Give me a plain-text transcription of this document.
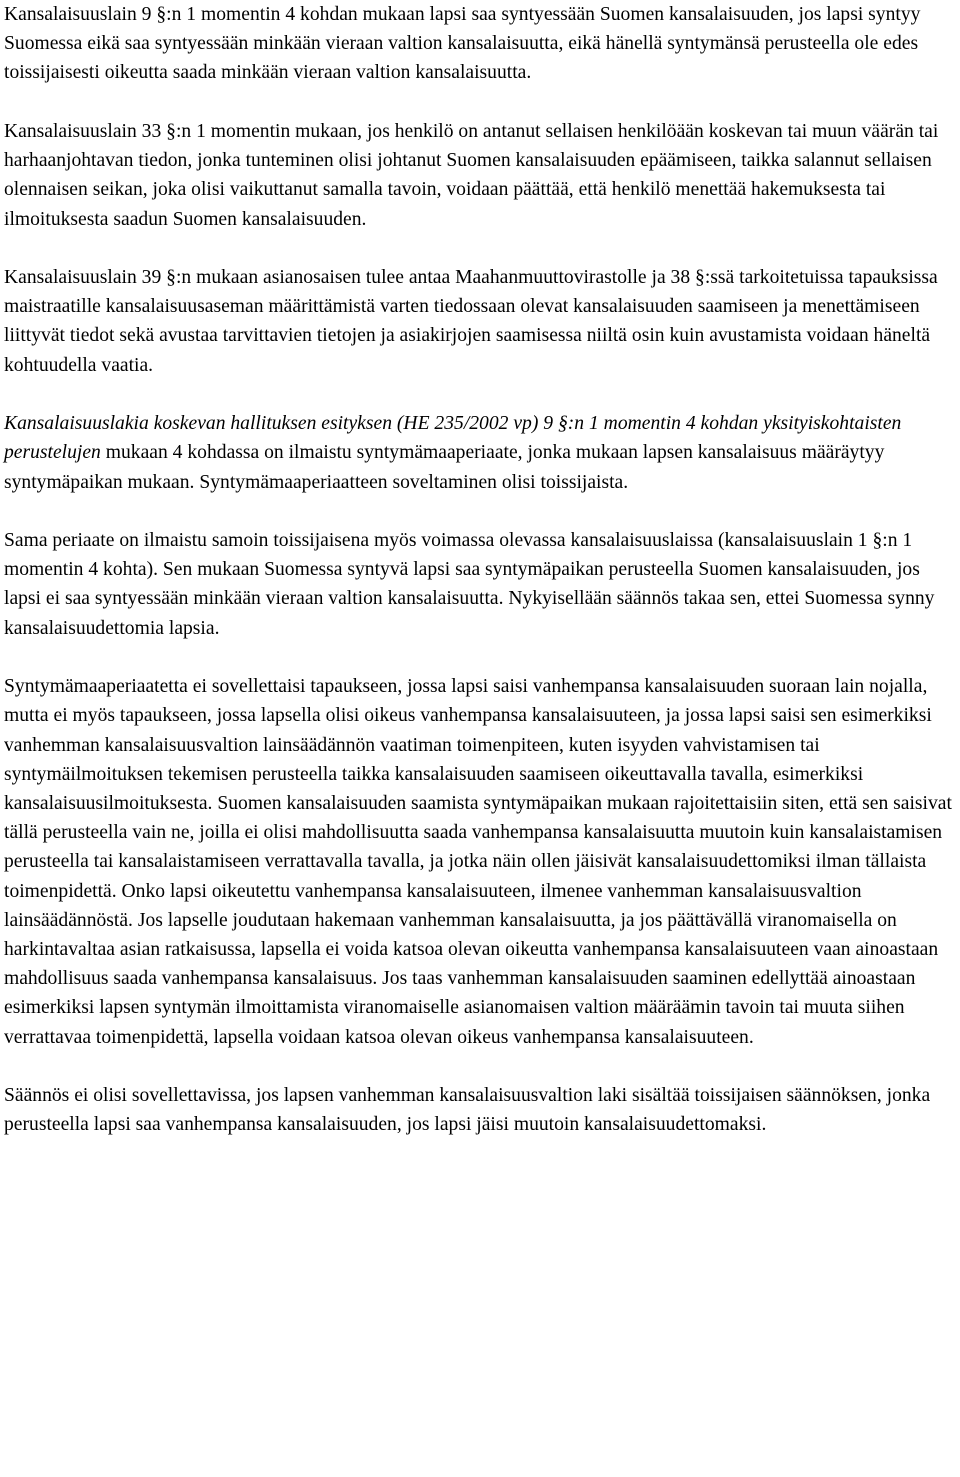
Kansalaisuuslain 9 §:n 1 momentin 4 kohdan mukaan lapsi saa syntyessään Suomen kansalaisuuden, jos lapsi syntyy Suomessa eikä saa syntyessään minkään vieraan valtion kansalaisuutta, eikä hänellä syntymänsä perusteella ole edes toissijaisesti oikeutta saada minkään vieraan valtion kansalaisuutta.

Kansalaisuuslain 33 §:n 1 momentin mukaan, jos henkilö on antanut sellaisen henkilöään koskevan tai muun väärän tai harhaanjohtavan tiedon, jonka tunteminen olisi johtanut Suomen kansalaisuuden epäämiseen, taikka salannut sellaisen olennaisen seikan, joka olisi vaikuttanut samalla tavoin, voidaan päättää, että henkilö menettää hakemuksesta tai ilmoituksesta saadun Suomen kansalaisuuden.

Kansalaisuuslain 39 §:n mukaan asianosaisen tulee antaa Maahanmuuttovirastolle ja 38 §:ssä tarkoitetuissa tapauksissa maistraatille kansalaisuusaseman määrittämistä varten tiedossaan olevat kansalaisuuden saamiseen ja menettämiseen liittyvät tiedot sekä avustaa tarvittavien tietojen ja asiakirjojen saamisessa niiltä osin kuin avustamista voidaan häneltä kohtuudella vaatia.

Kansalaisuuslakia koskevan hallituksen esityksen (HE 235/2002 vp) 9 §:n 1 momentin 4 kohdan yksityiskohtaisten perustelujen mukaan 4 kohdassa on ilmaistu syntymämaaperiaate, jonka mukaan lapsen kansalaisuus määräytyy syntymäpaikan mukaan. Syntymämaaperiaatteen soveltaminen olisi toissijaista.

Sama periaate on ilmaistu samoin toissijaisena myös voimassa olevassa kansalaisuuslaissa (kansalaisuuslain 1 §:n 1 momentin 4 kohta). Sen mukaan Suomessa syntyvä lapsi saa syntymäpaikan perusteella Suomen kansalaisuuden, jos lapsi ei saa syntyessään minkään vieraan valtion kansalaisuutta. Nykyisellään säännös takaa sen, ettei Suomessa synny kansalaisuudettomia lapsia.

Syntymämaaperiaatetta ei sovellettaisi tapaukseen, jossa lapsi saisi vanhempansa kansalaisuuden suoraan lain nojalla, mutta ei myös tapaukseen, jossa lapsella olisi oikeus vanhempansa kansalaisuuteen, ja jossa lapsi saisi sen esimerkiksi vanhemman kansalaisuusvaltion lainsäädännön vaatiman toimenpiteen, kuten isyyden vahvistamisen tai syntymäilmoituksen tekemisen perusteella taikka kansalaisuuden saamiseen oikeuttavalla tavalla, esimerkiksi kansalaisuusilmoituksesta. Suomen kansalaisuuden saamista syntymäpaikan mukaan rajoitettaisiin siten, että sen saisivat tällä perusteella vain ne, joilla ei olisi mahdollisuutta saada vanhempansa kansalaisuutta muutoin kuin kansalaistamisen perusteella tai kansalaistamiseen verrattavalla tavalla, ja jotka näin ollen jäisivät kansalaisuudettomiksi ilman tällaista toimenpidettä. Onko lapsi oikeutettu vanhempansa kansalaisuuteen, ilmenee vanhemman kansalaisuusvaltion lainsäädännöstä. Jos lapselle joudutaan hakemaan vanhemman kansalaisuutta, ja jos päättävällä viranomaisella on harkintavaltaa asian ratkaisussa, lapsella ei voida katsoa olevan oikeutta vanhempansa kansalaisuuteen vaan ainoastaan mahdollisuus saada vanhempansa kansalaisuus. Jos taas vanhemman kansalaisuuden saaminen edellyttää ainoastaan esimerkiksi lapsen syntymän ilmoittamista viranomaiselle asianomaisen valtion määräämin tavoin tai muuta siihen verrattavaa toimenpidettä, lapsella voidaan katsoa olevan oikeus vanhempansa kansalaisuuteen.

Säännös ei olisi sovellettavissa, jos lapsen vanhemman kansalaisuusvaltion laki sisältää toissijaisen säännöksen, jonka perusteella lapsi saa vanhempansa kansalaisuuden, jos lapsi jäisi muutoin kansalaisuudettomaksi.
